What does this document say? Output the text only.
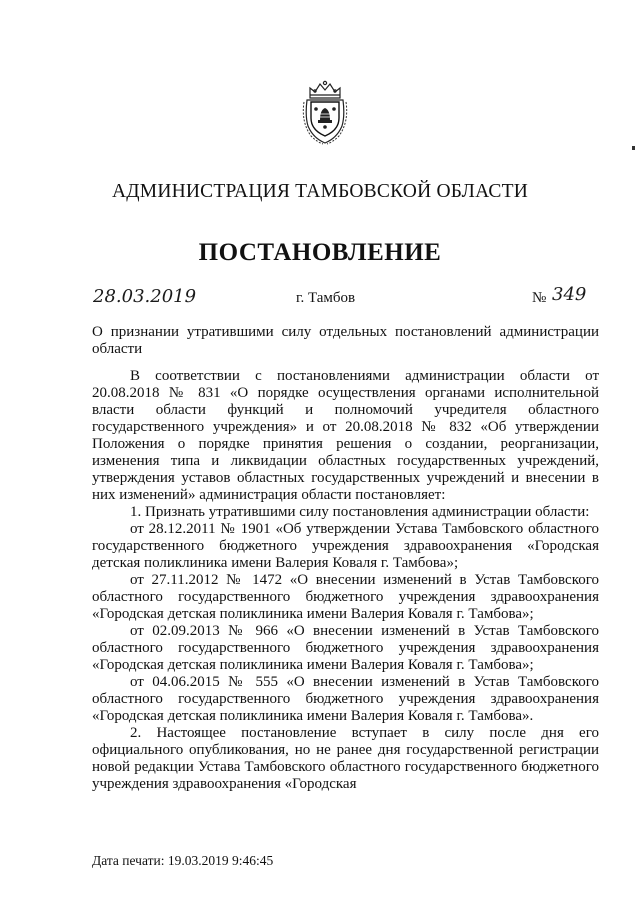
АДМИНИСТРАЦИЯ ТАМБОВСКОЙ ОБЛАСТИ
ПОСТАНОВЛЕНИЕ
28.03.2019	г. Тамбов	№ 349
О признании утратившими силу отдельных постановлений администрации области

В соответствии с постановлениями администрации области от 20.08.2018 № 831 «О порядке осуществления органами исполнительной власти области функций и полномочий учредителя областного государственного учреждения» и от 20.08.2018 № 832 «Об утверждении Положения о порядке принятия решения о создании, реорганизации, изменения типа и ликвидации областных государственных учреждений, утверждения уставов областных государственных учреждений и внесении в них изменений» администрация области постановляет:

1. Признать утратившими силу постановления администрации области:

от 28.12.2011 № 1901 «Об утверждении Устава Тамбовского областного государственного бюджетного учреждения здравоохранения «Городская детская поликлиника имени Валерия Коваля г. Тамбова»;

от 27.11.2012 № 1472 «О внесении изменений в Устав Тамбовского областного государственного бюджетного учреждения здравоохранения «Городская детская поликлиника имени Валерия Коваля г. Тамбова»;

от 02.09.2013 № 966 «О внесении изменений в Устав Тамбовского областного государственного бюджетного учреждения здравоохранения «Городская детская поликлиника имени Валерия Коваля г. Тамбова»;

от 04.06.2015 № 555 «О внесении изменений в Устав Тамбовского областного государственного бюджетного учреждения здравоохранения «Городская детская поликлиника имени Валерия Коваля г. Тамбова».

2. Настоящее постановление вступает в силу после дня его официального опубликования, но не ранее дня государственной регистрации новой редакции Устава Тамбовского областного государственного бюджетного учреждения здравоохранения «Городская

Дата печати: 19.03.2019 9:46:45
